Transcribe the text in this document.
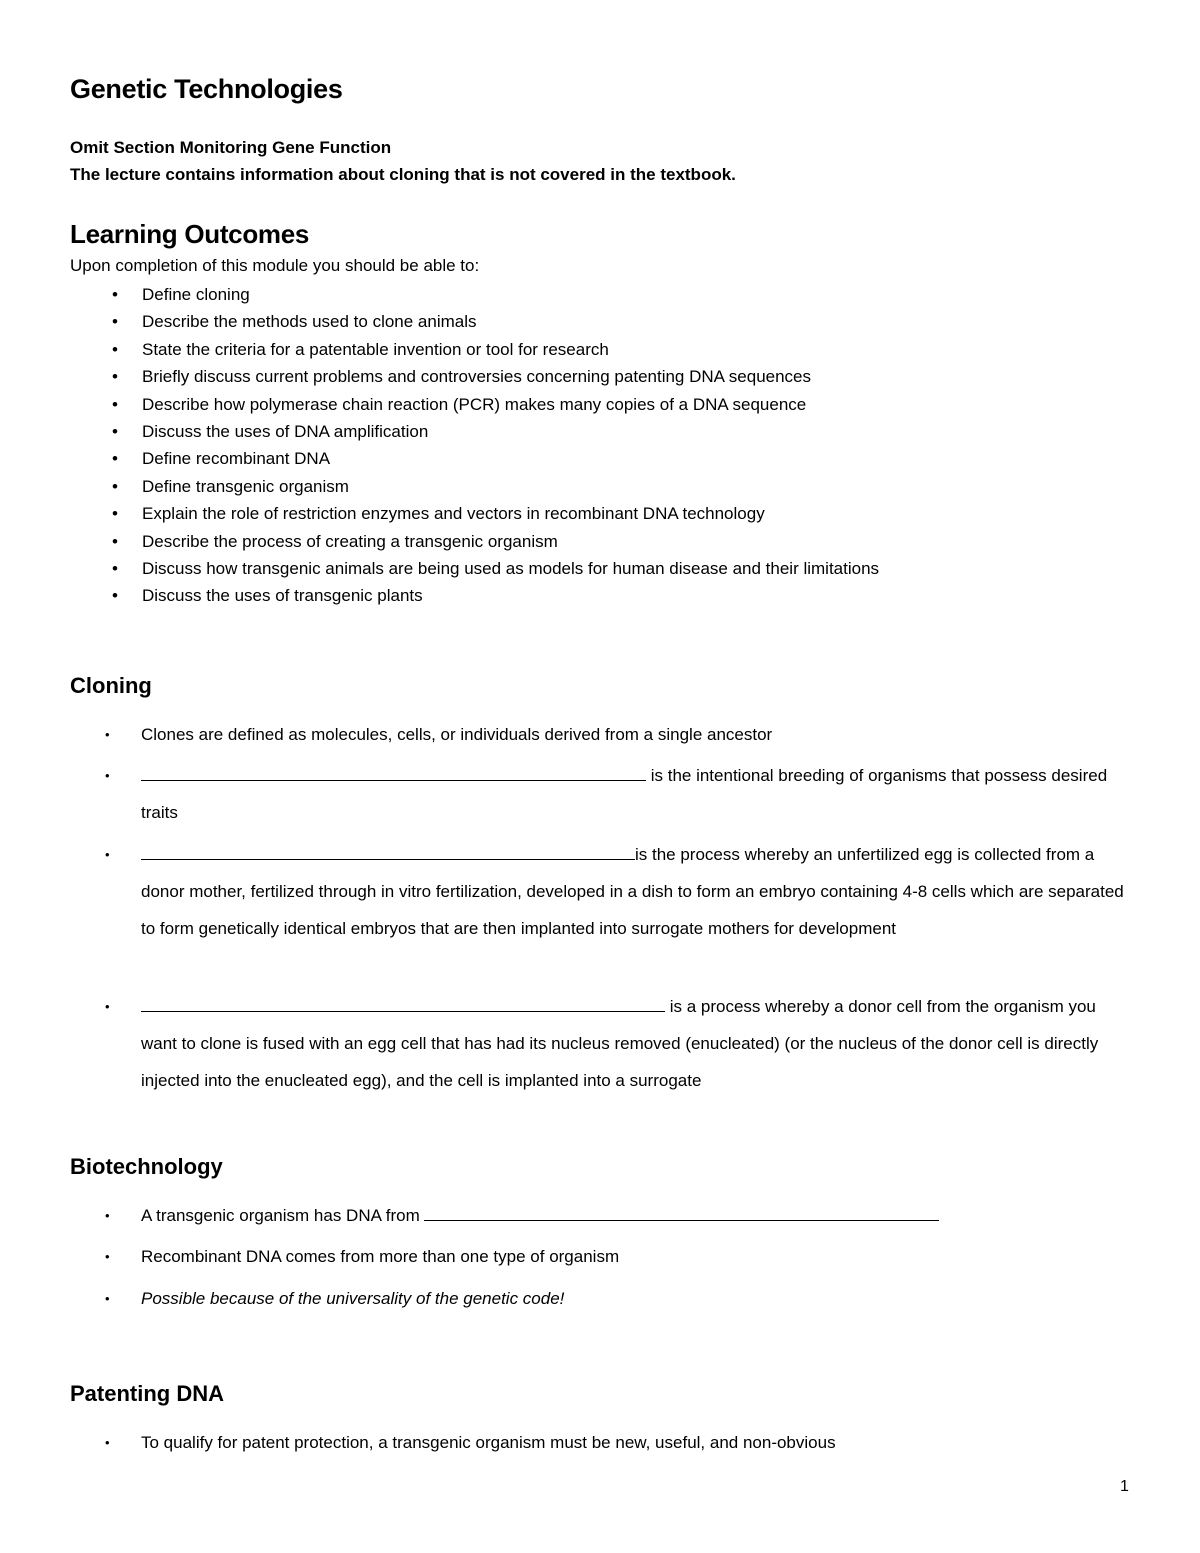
Genetic Technologies
Omit Section Monitoring Gene Function
The lecture contains information about cloning that is not covered in the textbook.
Learning Outcomes
Upon completion of this module you should be able to:
• Define cloning
• Describe the methods used to clone animals
• State the criteria for a patentable invention or tool for research
• Briefly discuss current problems and controversies concerning patenting DNA sequences
• Describe how polymerase chain reaction (PCR) makes many copies of a DNA sequence
• Discuss the uses of DNA amplification
• Define recombinant DNA
• Define transgenic organism
• Explain the role of restriction enzymes and vectors in recombinant DNA technology
• Describe the process of creating a transgenic organism
• Discuss how transgenic animals are being used as models for human disease and their limitations
• Discuss the uses of transgenic plants
Cloning
• Clones are defined as molecules, cells, or individuals derived from a single ancestor
•	is the intentional breeding of organisms that possess desired traits
•	is the process whereby an unfertilized egg is collected from a donor mother, fertilized through in vitro fertilization, developed in a dish to form an embryo containing 4-8 cells which are separated to form genetically identical embryos that are then implanted into surrogate mothers for development
•	is a process whereby a donor cell from the organism you want to clone is fused with an egg cell that has had its nucleus removed (enucleated) (or the nucleus of the donor cell is directly injected into the enucleated egg), and the cell is implanted into a surrogate
Biotechnology
• A transgenic organism has DNA from
• Recombinant DNA comes from more than one type of organism
• Possible because of the universality of the genetic code!
Patenting DNA
• To qualify for patent protection, a transgenic organism must be new, useful, and non-obvious
1
